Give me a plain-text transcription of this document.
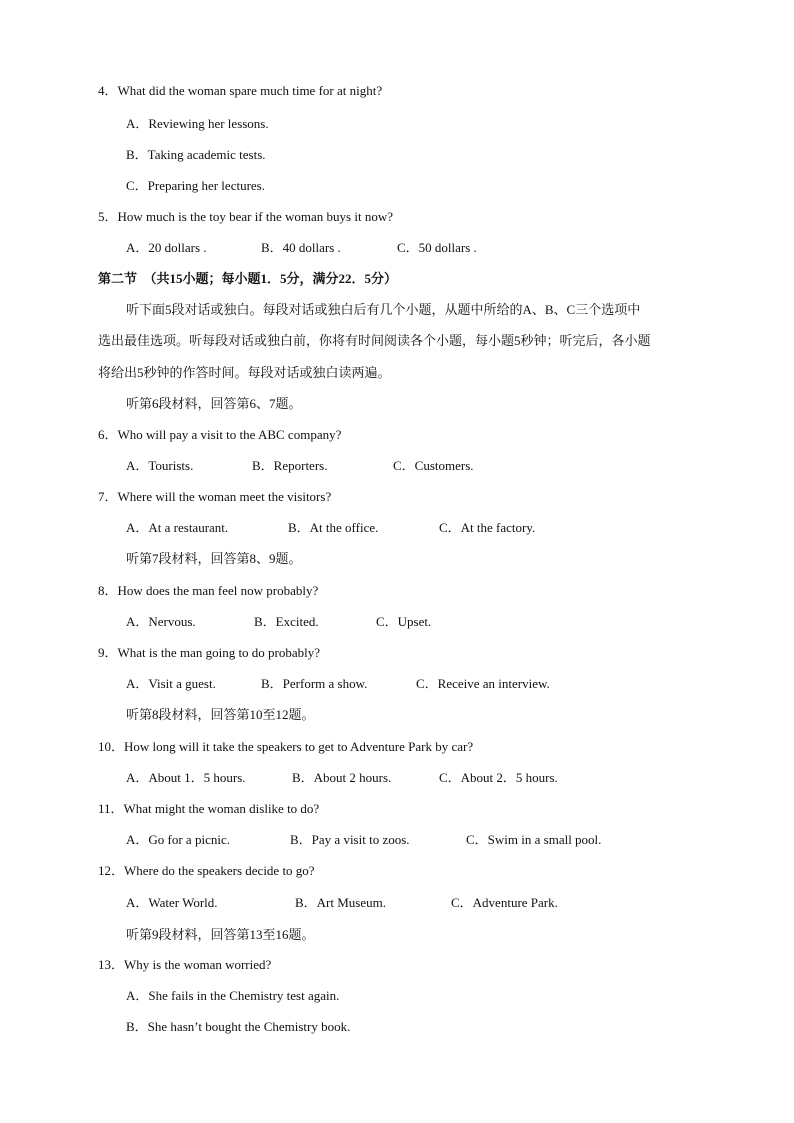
4．What did the woman spare much time for at night?
A．Reviewing her lessons.
B．Taking academic tests.
C．Preparing her lectures.
5．How much is the toy bear if the woman buys it now?
A．20 dollars .	B．40 dollars .	C．50 dollars .
第二节　（共15小题；每小题1．5分，满分22．5分）
听下面5段对话或独白。每段对话或独白后有几个小题，从题中所给的A、B、C三个选项中
选出最佳选项。听每段对话或独白前，你将有时间阅读各个小题，每小题5秒钟；听完后，各小题
将给出5秒钟的作答时间。每段对话或独白读两遍。
听第6段材料，回答第6、7题。
6．Who will pay a visit to the ABC company?
A．Tourists.	B．Reporters.	C．Customers.
7．Where will the woman meet the visitors?
A．At a restaurant.	B．At the office.	C．At the factory.
听第7段材料，回答第8、9题。
8．How does the man feel now probably?
A．Nervous.	B．Excited.	C．Upset.
9．What is the man going to do probably?
A．Visit a guest.	B．Perform a show.	C．Receive an interview.
听第8段材料，回答第10至12题。
10．How long will it take the speakers to get to Adventure Park by car?
A．About 1．5 hours.	B．About 2 hours.	C．About 2．5 hours.
11．What might the woman dislike to do?
A．Go for a picnic.	B．Pay a visit to zoos.	C．Swim in a small pool.
12．Where do the speakers decide to go?
A．Water World.	B．Art Museum.	C．Adventure Park.
听第9段材料，回答第13至16题。
13．Why is the woman worried?
A．She fails in the Chemistry test again.
B．She hasn’t bought the Chemistry book.
